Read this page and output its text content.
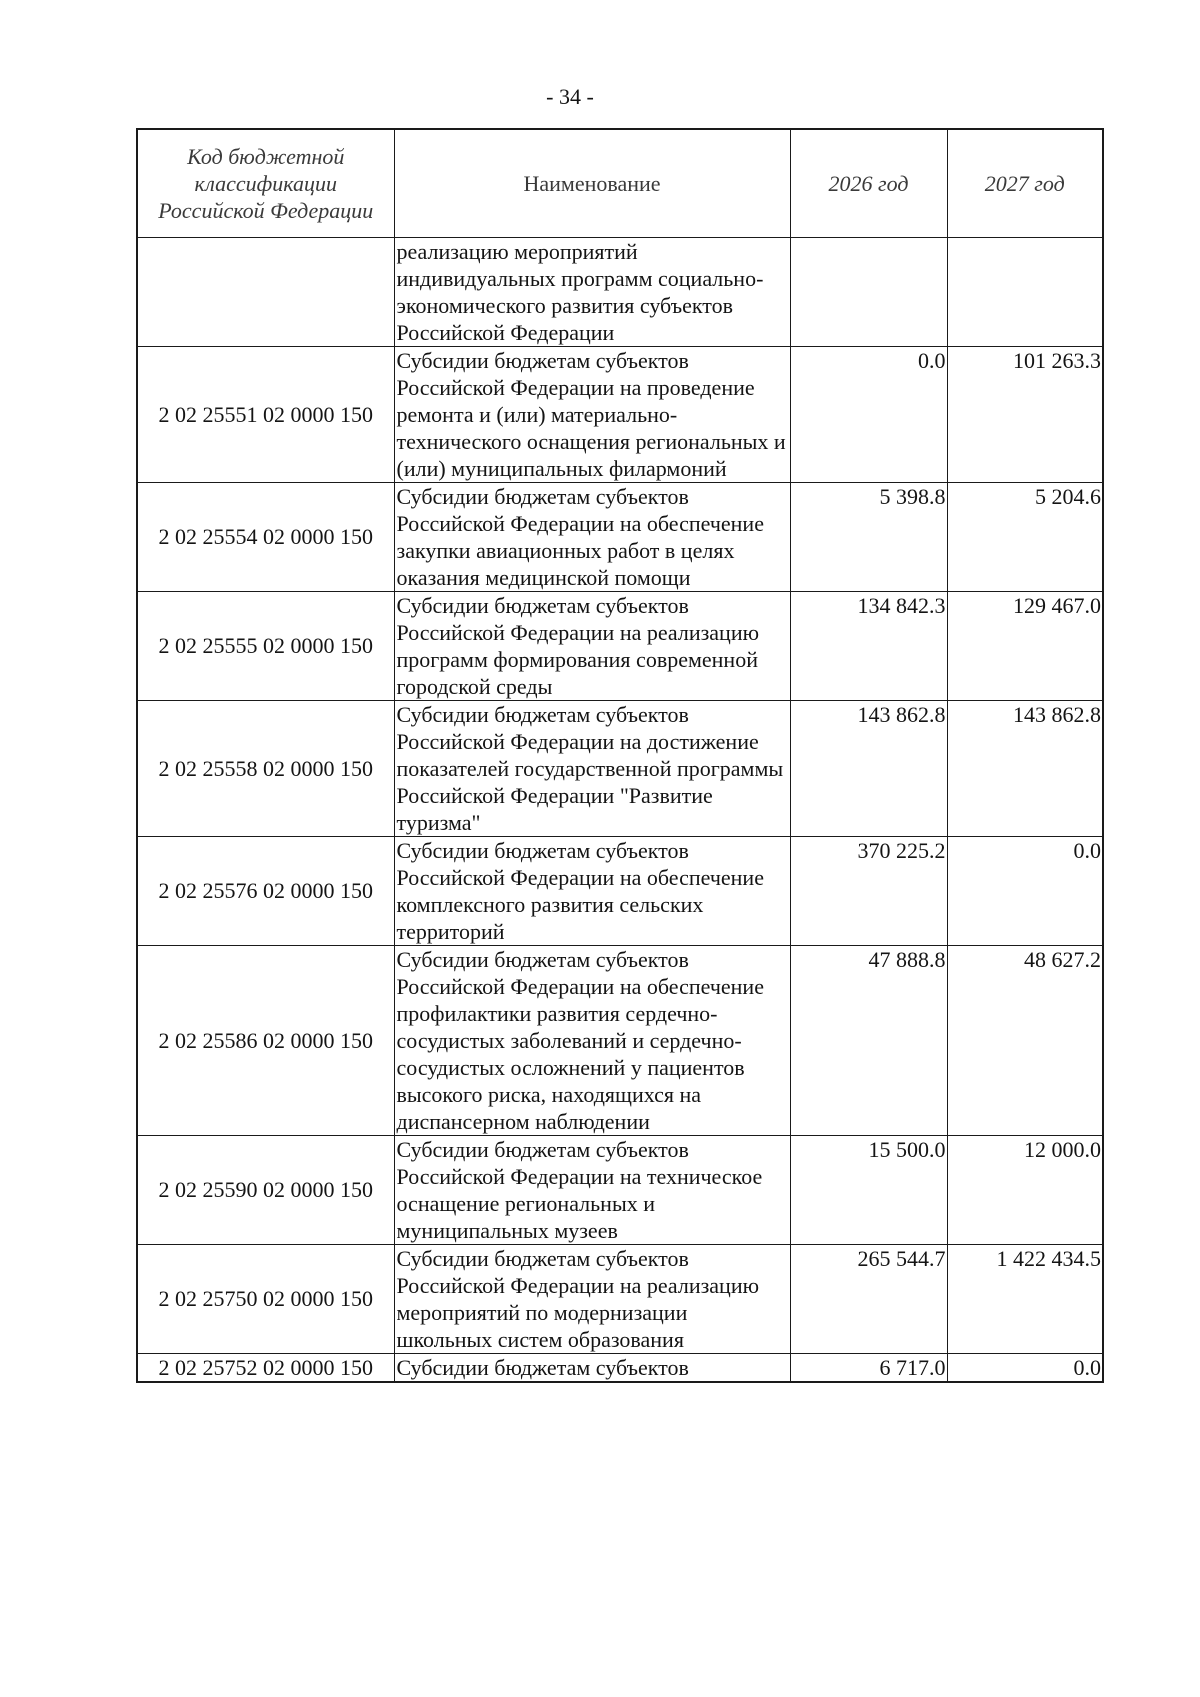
- 34 -
Код бюджетной классификации Российской Федерации	Наименование	2026 год	2027 год
	реализацию мероприятий индивидуальных программ социально-экономического развития субъектов Российской Федерации		
2 02 25551 02 0000 150	Субсидии бюджетам субъектов Российской Федерации на проведение ремонта и (или) материально-технического оснащения региональных и (или) муниципальных филармоний	0.0	101 263.3
2 02 25554 02 0000 150	Субсидии бюджетам субъектов Российской Федерации на обеспечение закупки авиационных работ в целях оказания медицинской помощи	5 398.8	5 204.6
2 02 25555 02 0000 150	Субсидии бюджетам субъектов Российской Федерации на реализацию программ формирования современной городской среды	134 842.3	129 467.0
2 02 25558 02 0000 150	Субсидии бюджетам субъектов Российской Федерации на достижение показателей государственной программы Российской Федерации "Развитие туризма"	143 862.8	143 862.8
2 02 25576 02 0000 150	Субсидии бюджетам субъектов Российской Федерации на обеспечение комплексного развития сельских территорий	370 225.2	0.0
2 02 25586 02 0000 150	Субсидии бюджетам субъектов Российской Федерации на обеспечение профилактики развития сердечно-сосудистых заболеваний и сердечно-сосудистых осложнений у пациентов высокого риска, находящихся на диспансерном наблюдении	47 888.8	48 627.2
2 02 25590 02 0000 150	Субсидии бюджетам субъектов Российской Федерации на техническое оснащение региональных и муниципальных музеев	15 500.0	12 000.0
2 02 25750 02 0000 150	Субсидии бюджетам субъектов Российской Федерации на реализацию мероприятий по модернизации школьных систем образования	265 544.7	1 422 434.5
2 02 25752 02 0000 150	Субсидии бюджетам субъектов	6 717.0	0.0
